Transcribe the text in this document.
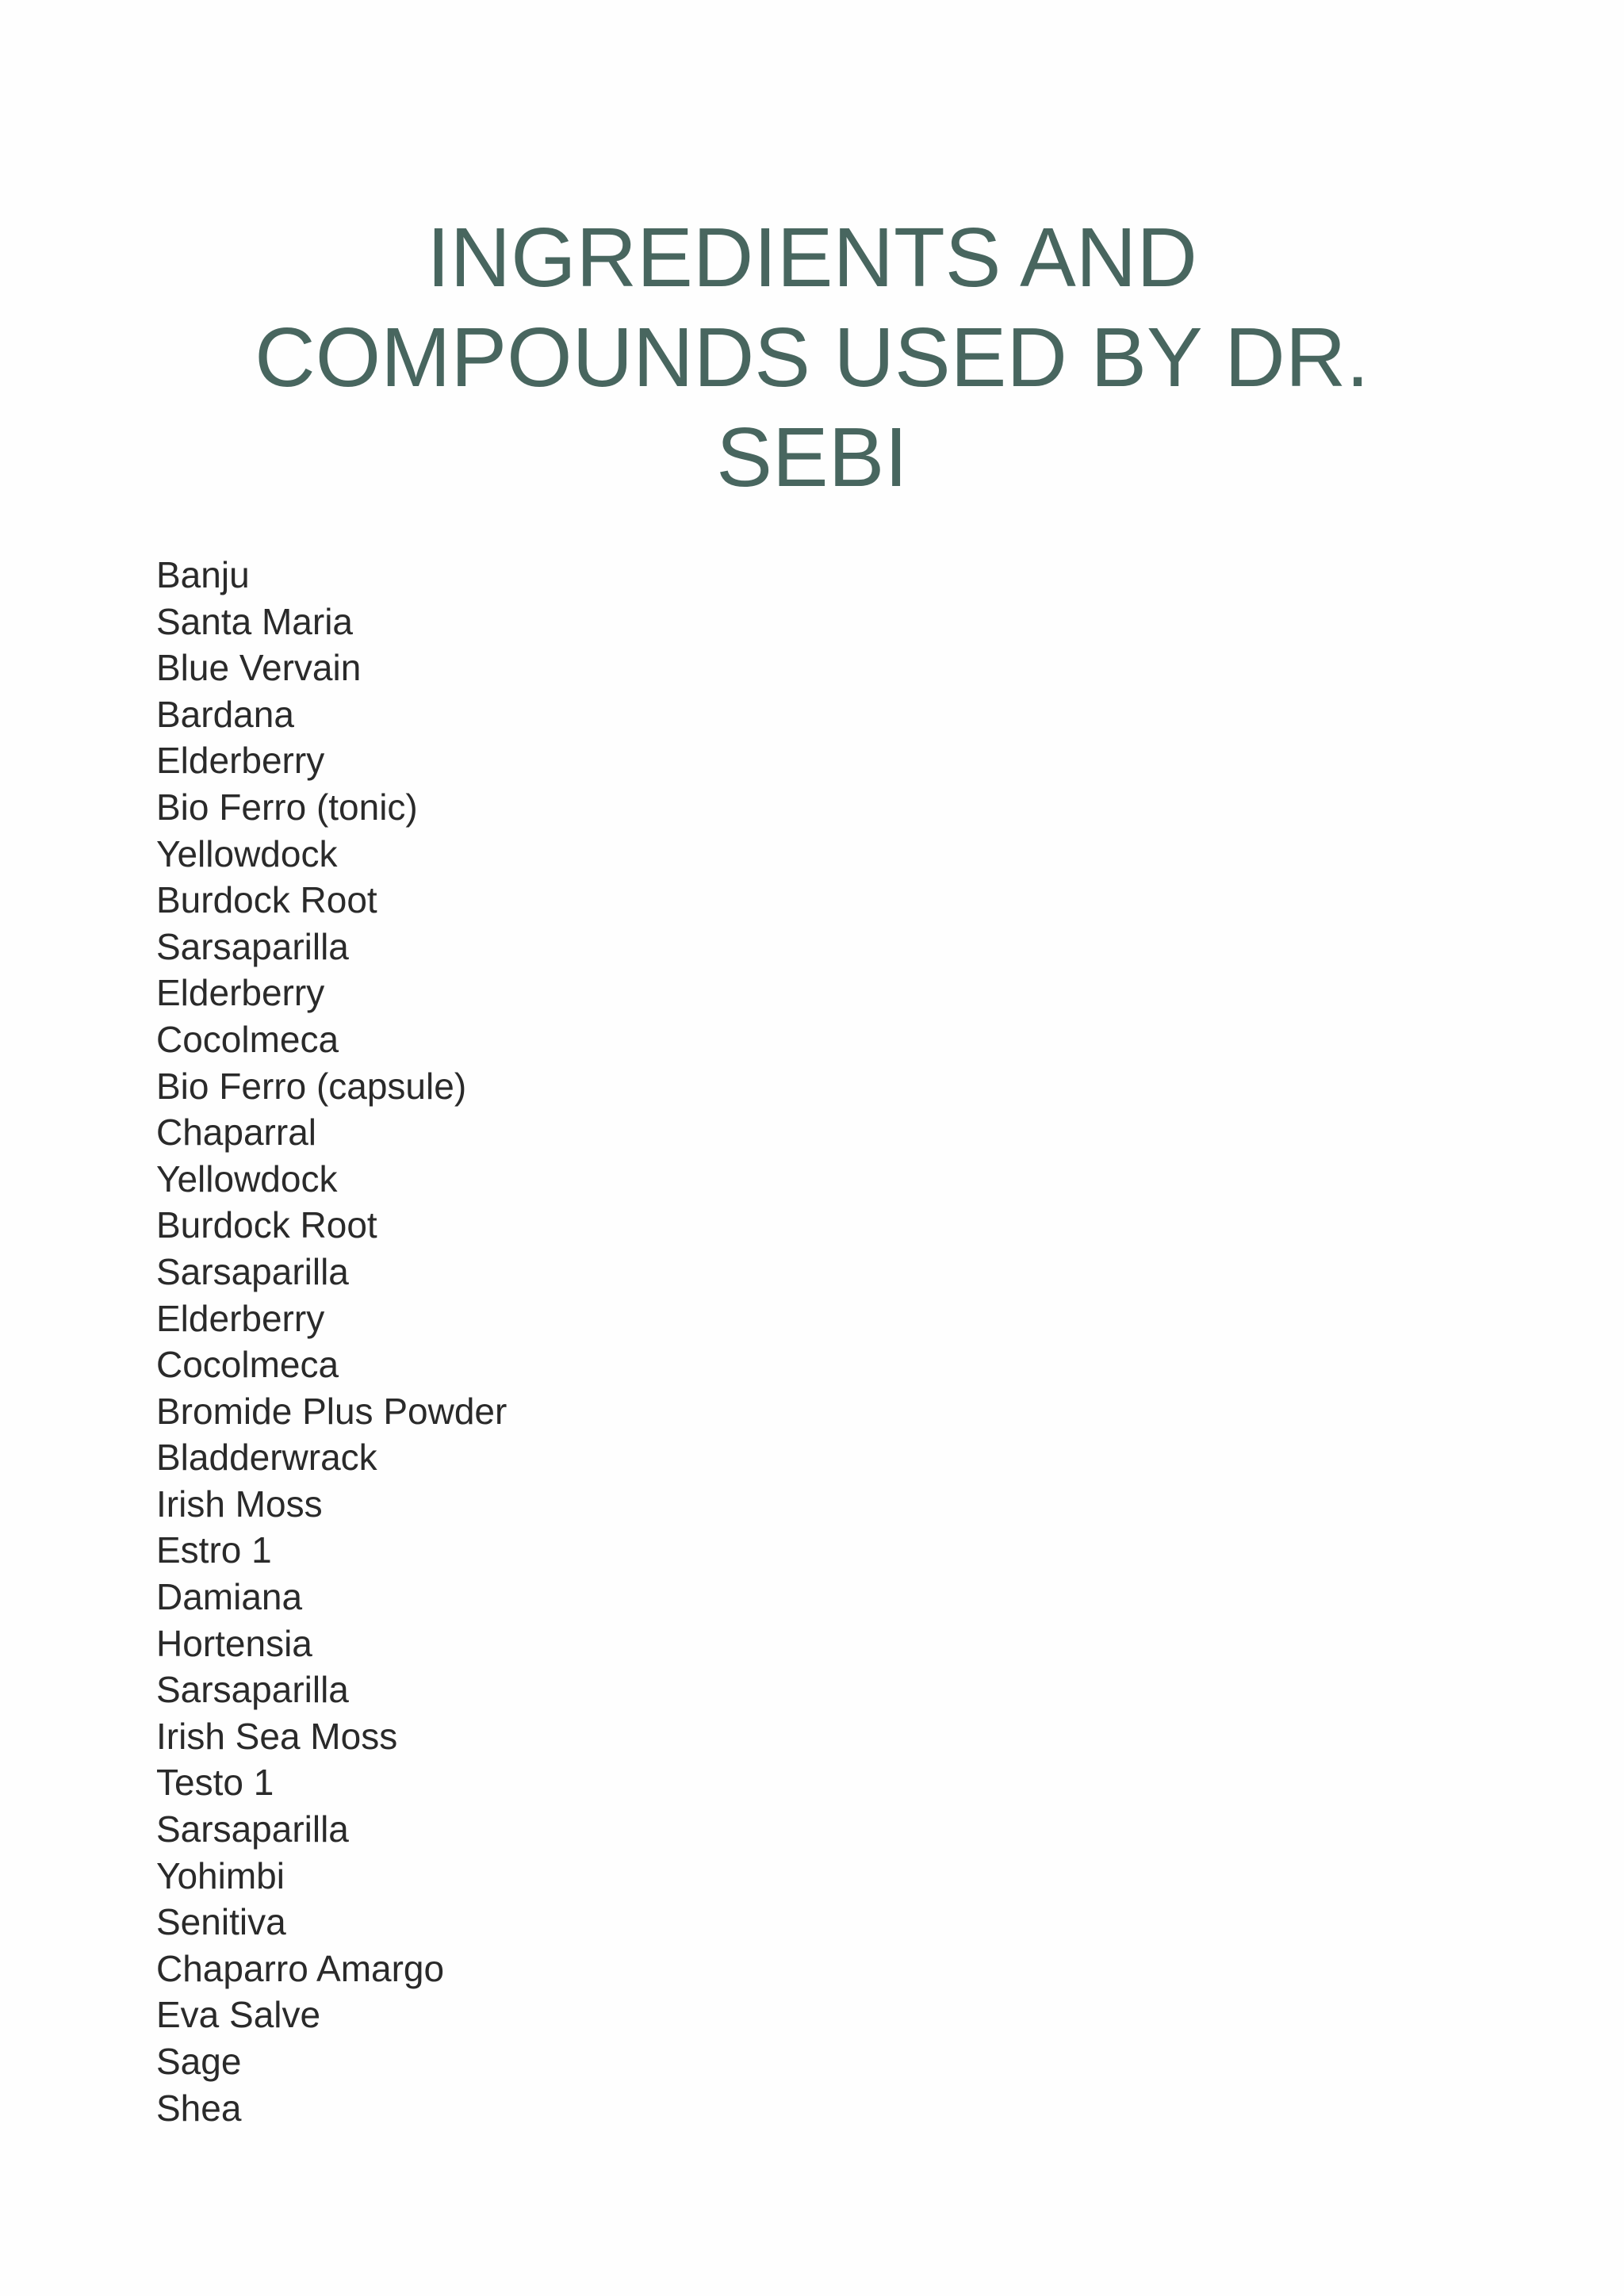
INGREDIENTS AND
COMPOUNDS USED BY DR.
SEBI
Banju
Santa Maria
Blue Vervain
Bardana
Elderberry
Bio Ferro (tonic)
Yellowdock
Burdock Root
Sarsaparilla
Elderberry
Cocolmeca
Bio Ferro (capsule)
Chaparral
Yellowdock
Burdock Root
Sarsaparilla
Elderberry
Cocolmeca
Bromide Plus Powder
Bladderwrack
Irish Moss
Estro 1
Damiana
Hortensia
Sarsaparilla
Irish Sea Moss
Testo 1
Sarsaparilla
Yohimbi
Senitiva
Chaparro Amargo
Eva Salve
Sage
Shea
